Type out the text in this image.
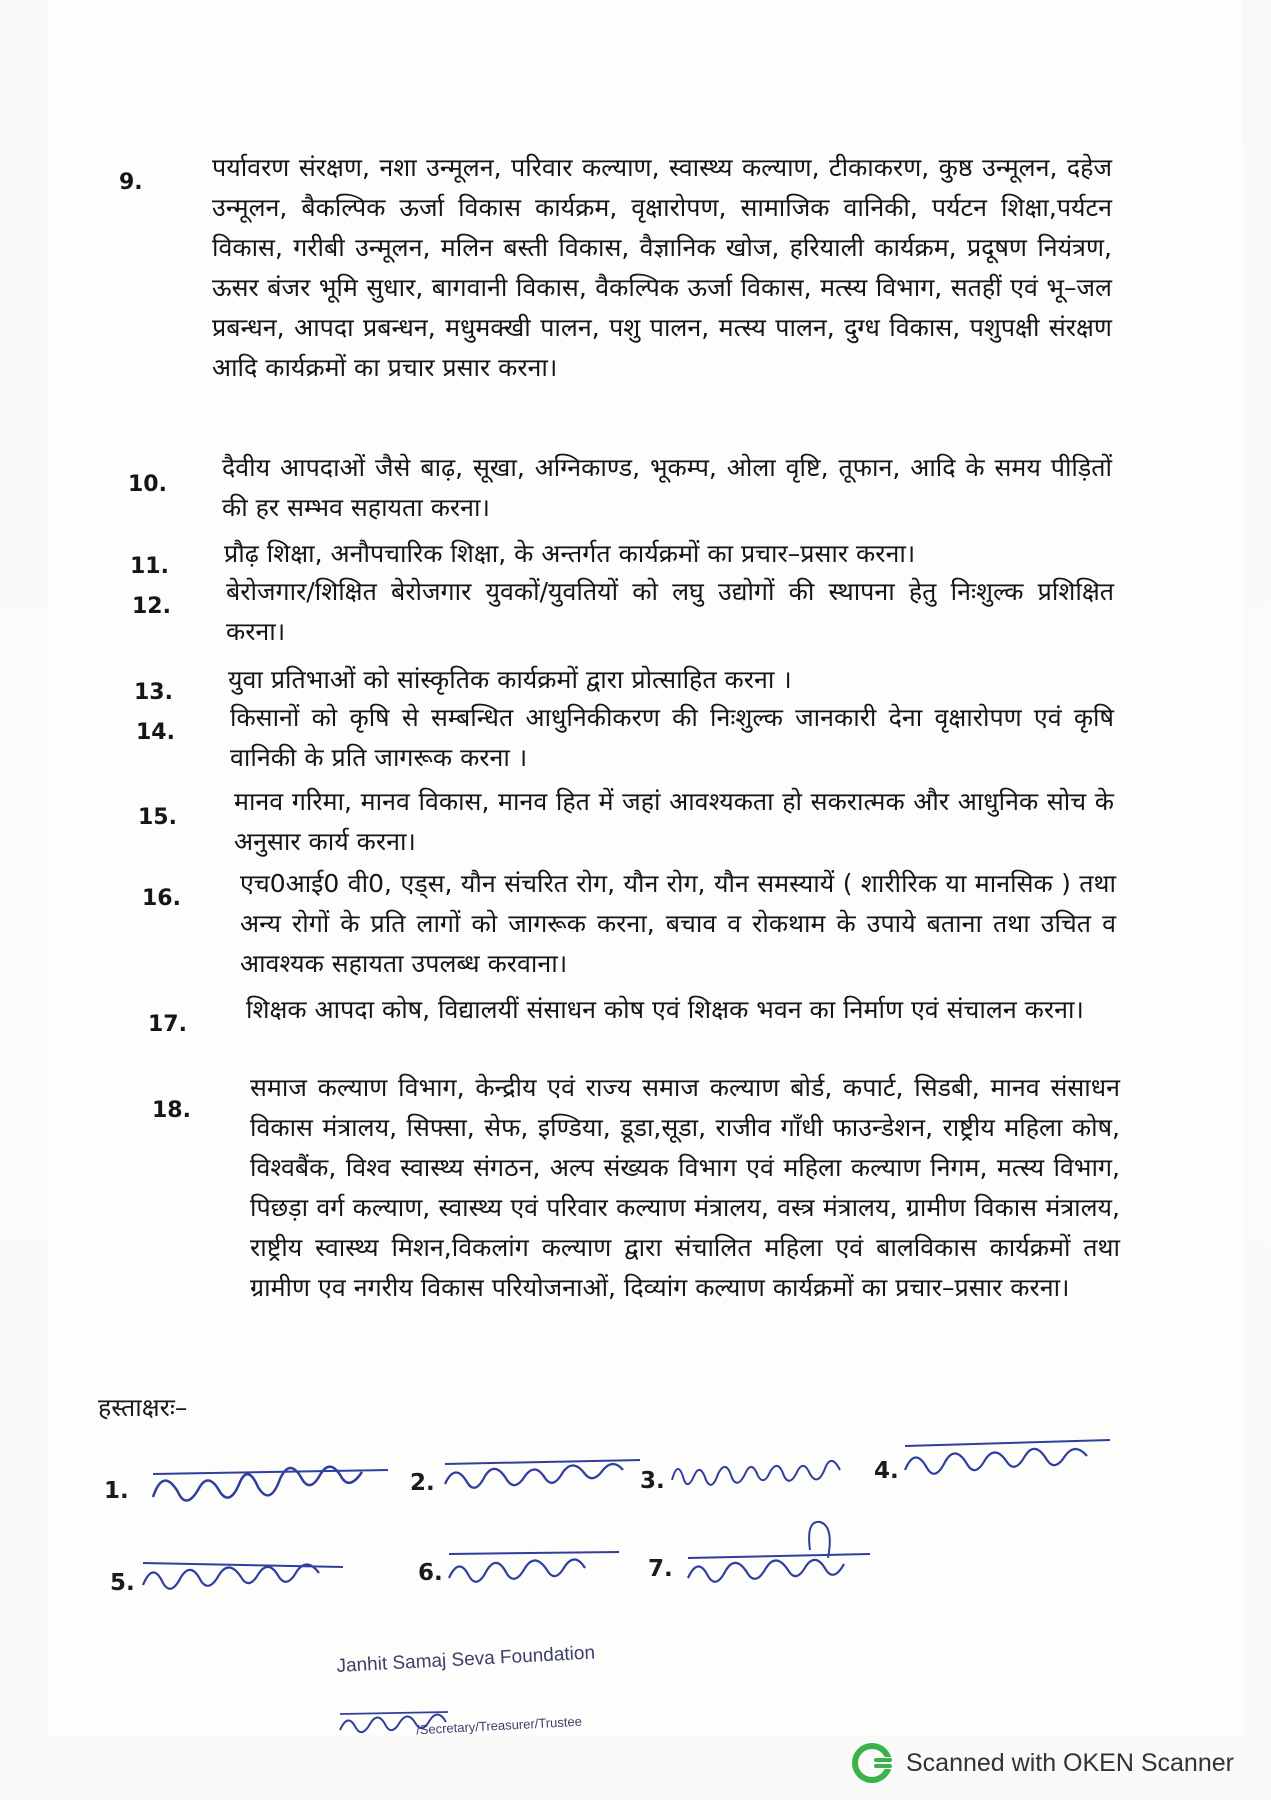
9.
पर्यावरण संरक्षण, नशा उन्मूलन, परिवार कल्याण, स्वास्थ्य कल्याण, टीकाकरण, कुष्ठ उन्मूलन, दहेज उन्मूलन, बैकल्पिक ऊर्जा विकास कार्यक्रम, वृक्षारोपण, सामाजिक वानिकी, पर्यटन शिक्षा,पर्यटन विकास, गरीबी उन्मूलन, मलिन बस्ती विकास, वैज्ञानिक खोज, हरियाली कार्यक्रम, प्रदूषण नियंत्रण, ऊसर बंजर भूमि सुधार, बागवानी विकास, वैकल्पिक ऊर्जा विकास, मत्स्य विभाग, सतहीं एवं भू–जल प्रबन्धन, आपदा प्रबन्धन, मधुमक्खी पालन, पशु पालन, मत्स्य पालन, दुग्ध विकास, पशुपक्षी संरक्षण आदि कार्यक्रमों का प्रचार प्रसार करना।
10.
दैवीय आपदाओं जैसे बाढ़, सूखा, अग्निकाण्ड, भूकम्प, ओला वृष्टि, तूफान, आदि के समय पीड़ितों की हर सम्भव सहायता करना।
11.	प्रौढ़ शिक्षा, अनौपचारिक शिक्षा, के अन्तर्गत कार्यक्रमों का प्रचार–प्रसार करना।
12.
बेरोजगार/शिक्षित बेरोजगार युवकों/युवतियों को लघु उद्योगों की स्थापना हेतु निःशुल्क प्रशिक्षित करना।
13.	युवा प्रतिभाओं को सांस्कृतिक कार्यक्रमों द्वारा प्रोत्साहित करना ।
14.
किसानों को कृषि से सम्बन्धित आधुनिकीकरण की निःशुल्क जानकारी देना वृक्षारोपण एवं कृषि वानिकी के प्रति जागरूक करना ।
15.
मानव गरिमा, मानव विकास, मानव हित में जहां आवश्यकता हो सकरात्मक और आधुनिक सोच के अनुसार कार्य करना।
16.
एच0आई0 वी0, एड्स, यौन संचरित रोग, यौन रोग, यौन समस्यायें ( शारीरिक या मानसिक ) तथा अन्य रोगों के प्रति लागों को जागरूक करना, बचाव व रोकथाम के उपाये बताना तथा उचित व आवश्यक सहायता उपलब्ध करवाना।
17.
शिक्षक आपदा कोष, विद्यालयीं संसाधन कोष एवं शिक्षक भवन का निर्माण एवं संचालन करना।
18.
समाज कल्याण विभाग, केन्द्रीय एवं राज्य समाज कल्याण बोर्ड, कपार्ट, सिडबी, मानव संसाधन विकास मंत्रालय, सिफ्सा, सेफ, इण्डिया, डूडा,सूडा, राजीव गाँधी फाउन्डेशन, राष्ट्रीय महिला कोष, विश्वबैंक, विश्व स्वास्थ्य संगठन, अल्प संख्यक विभाग एवं महिला कल्याण निगम, मत्स्य विभाग, पिछड़ा वर्ग कल्याण, स्वास्थ्य एवं परिवार कल्याण मंत्रालय, वस्त्र मंत्रालय, ग्रामीण विकास मंत्रालय, राष्ट्रीय स्वास्थ्य मिशन,विकलांग कल्याण द्वारा संचालित महिला एवं बालविकास कार्यक्रमों तथा ग्रामीण एव नगरीय विकास परियोजनाओं, दिव्यांग कल्याण कार्यक्रमों का प्रचार–प्रसार करना।
हस्ताक्षरः–
1.	2.	3.	4.
5.	6.	7.
Janhit Samaj Seva Foundation
/Secretary/Treasurer/Trustee
Scanned with OKEN Scanner
